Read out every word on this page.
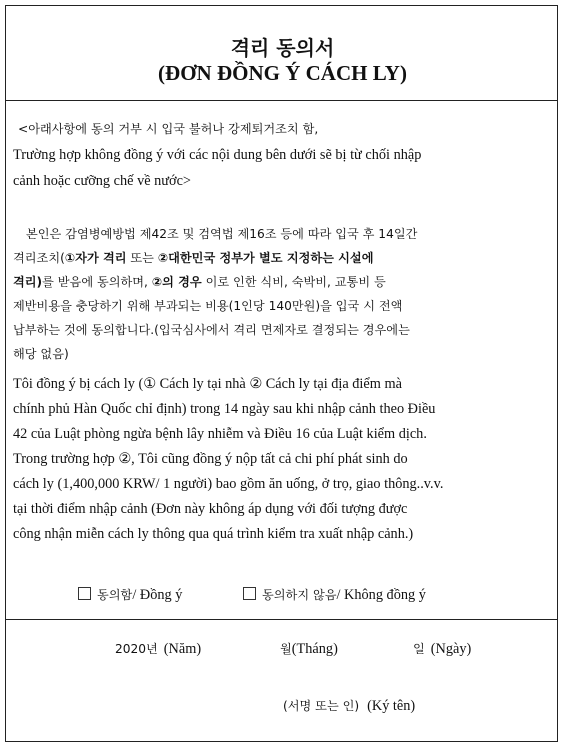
격리 동의서
(ĐƠN ĐỒNG Ý CÁCH LY)
<아래사항에 동의 거부 시 입국 불허나 강제퇴거조치 함,
Trường hợp không đồng ý với các nội dung bên dưới sẽ bị từ chối nhập
cảnh hoặc cưỡng chế về nước>
본인은 감염병예방법 제42조 및 검역법 제16조 등에 따라 입국 후 14일간
격리조치(①자가 격리 또는 ②대한민국 정부가 별도 지정하는 시설에
격리)를 받음에 동의하며, ②의 경우 이로 인한 식비, 숙박비, 교통비 등
제반비용을 충당하기 위해 부과되는 비용(1인당 140만원)을 입국 시 전액
납부하는 것에 동의합니다.(입국심사에서 격리 면제자로 결정되는 경우에는
해당 없음)
Tôi đồng ý bị cách ly (① Cách ly tại nhà ② Cách ly tại địa điểm mà
chính phủ Hàn Quốc chỉ định) trong 14 ngày sau khi nhập cảnh theo Điều
42 của Luật phòng ngừa bệnh lây nhiễm và Điều 16 của Luật kiểm dịch.
Trong trường hợp ②, Tôi cũng đồng ý nộp tất cả chi phí phát sinh do
cách ly (1,400,000 KRW/ 1 người) bao gồm ăn uống, ở trọ, giao thông..v.v.
tại thời điểm nhập cảnh (Đơn này không áp dụng với đối tượng được
công nhận miễn cách ly thông qua quá trình kiểm tra xuất nhập cảnh.)
동의함/ Đồng ý	동의하지 않음/ Không đồng ý
2020년 (Năm)	월(Tháng)	일 (Ngày)
(서명 또는 인) (Ký tên)
